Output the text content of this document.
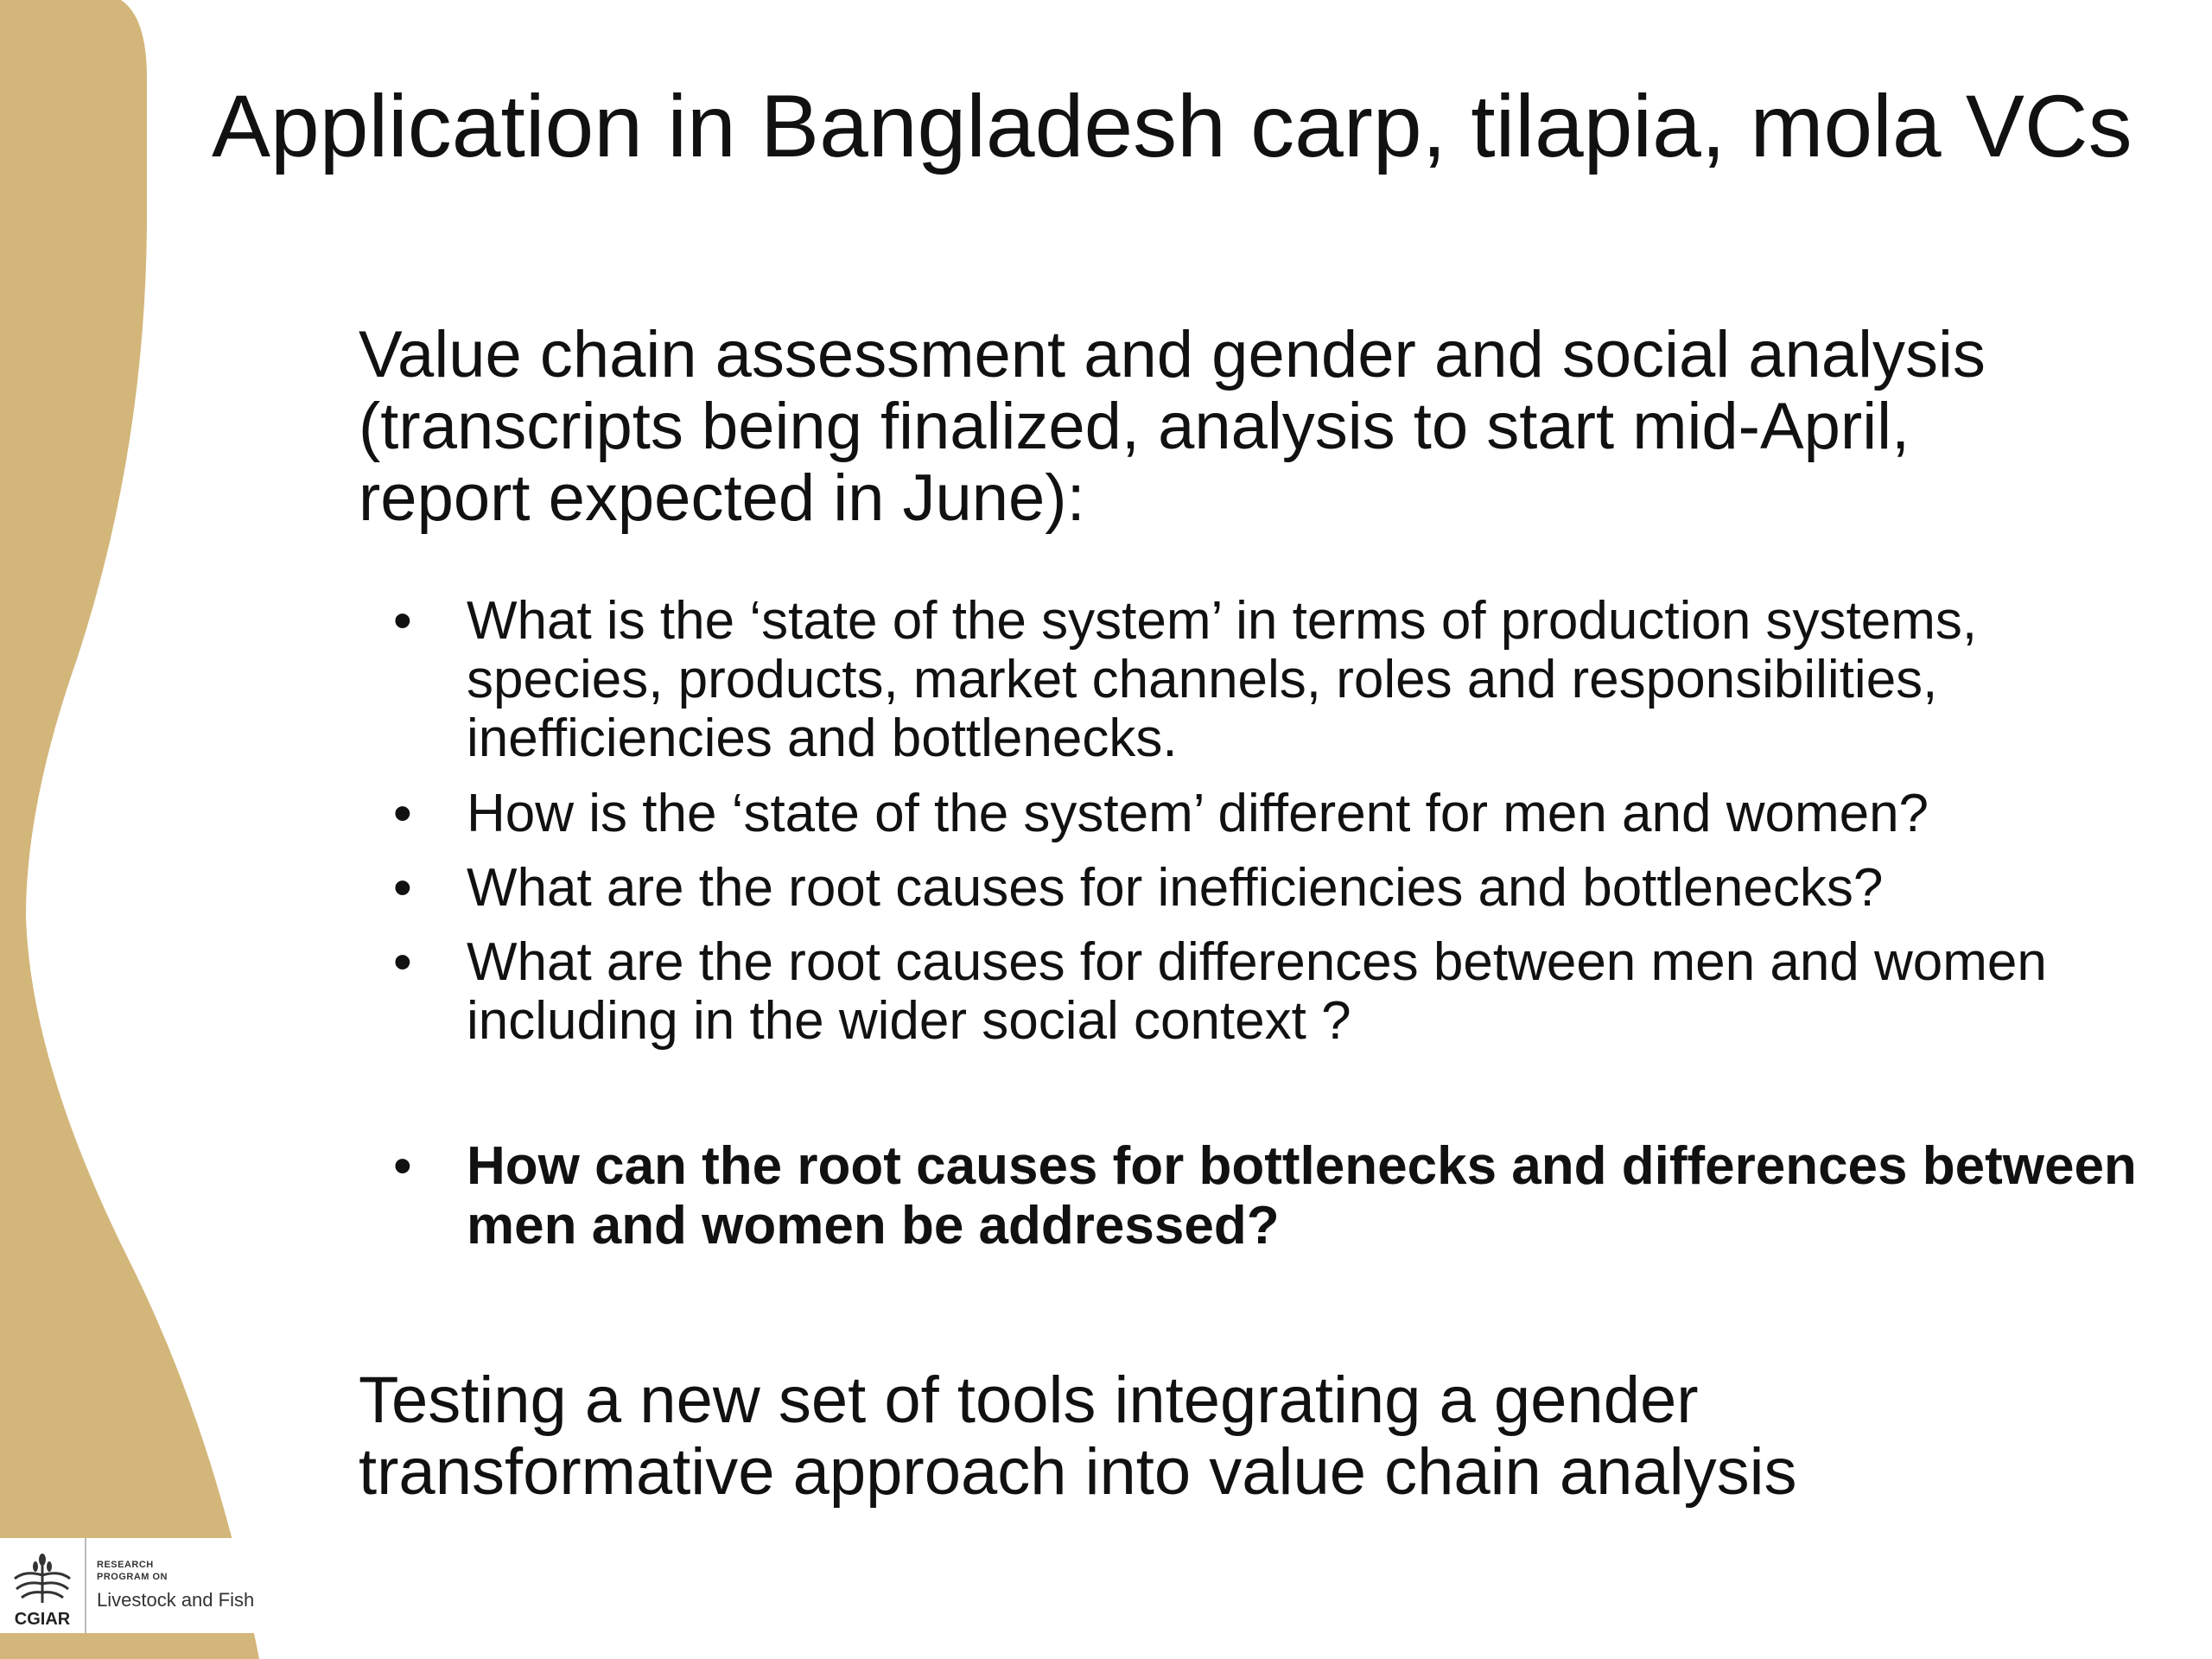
Application in Bangladesh carp, tilapia, mola VCs

Value chain assessment and gender and social analysis (transcripts being finalized, analysis to start mid-April, report expected in June):

• What is the ‘state of the system’ in terms of production systems, species, products, market channels, roles and responsibilities, inefficiencies and bottlenecks.
• How is the ‘state of the system’ different for men and women?
• What are the root causes for inefficiencies and bottlenecks?
• What are the root causes for differences between men and women including in the wider social context ?
• How can the root causes for bottlenecks and differences between men and women be addressed?

Testing a new set of tools integrating a gender transformative approach into value chain analysis

CGIAR
RESEARCH
PROGRAM ON
Livestock and Fish
